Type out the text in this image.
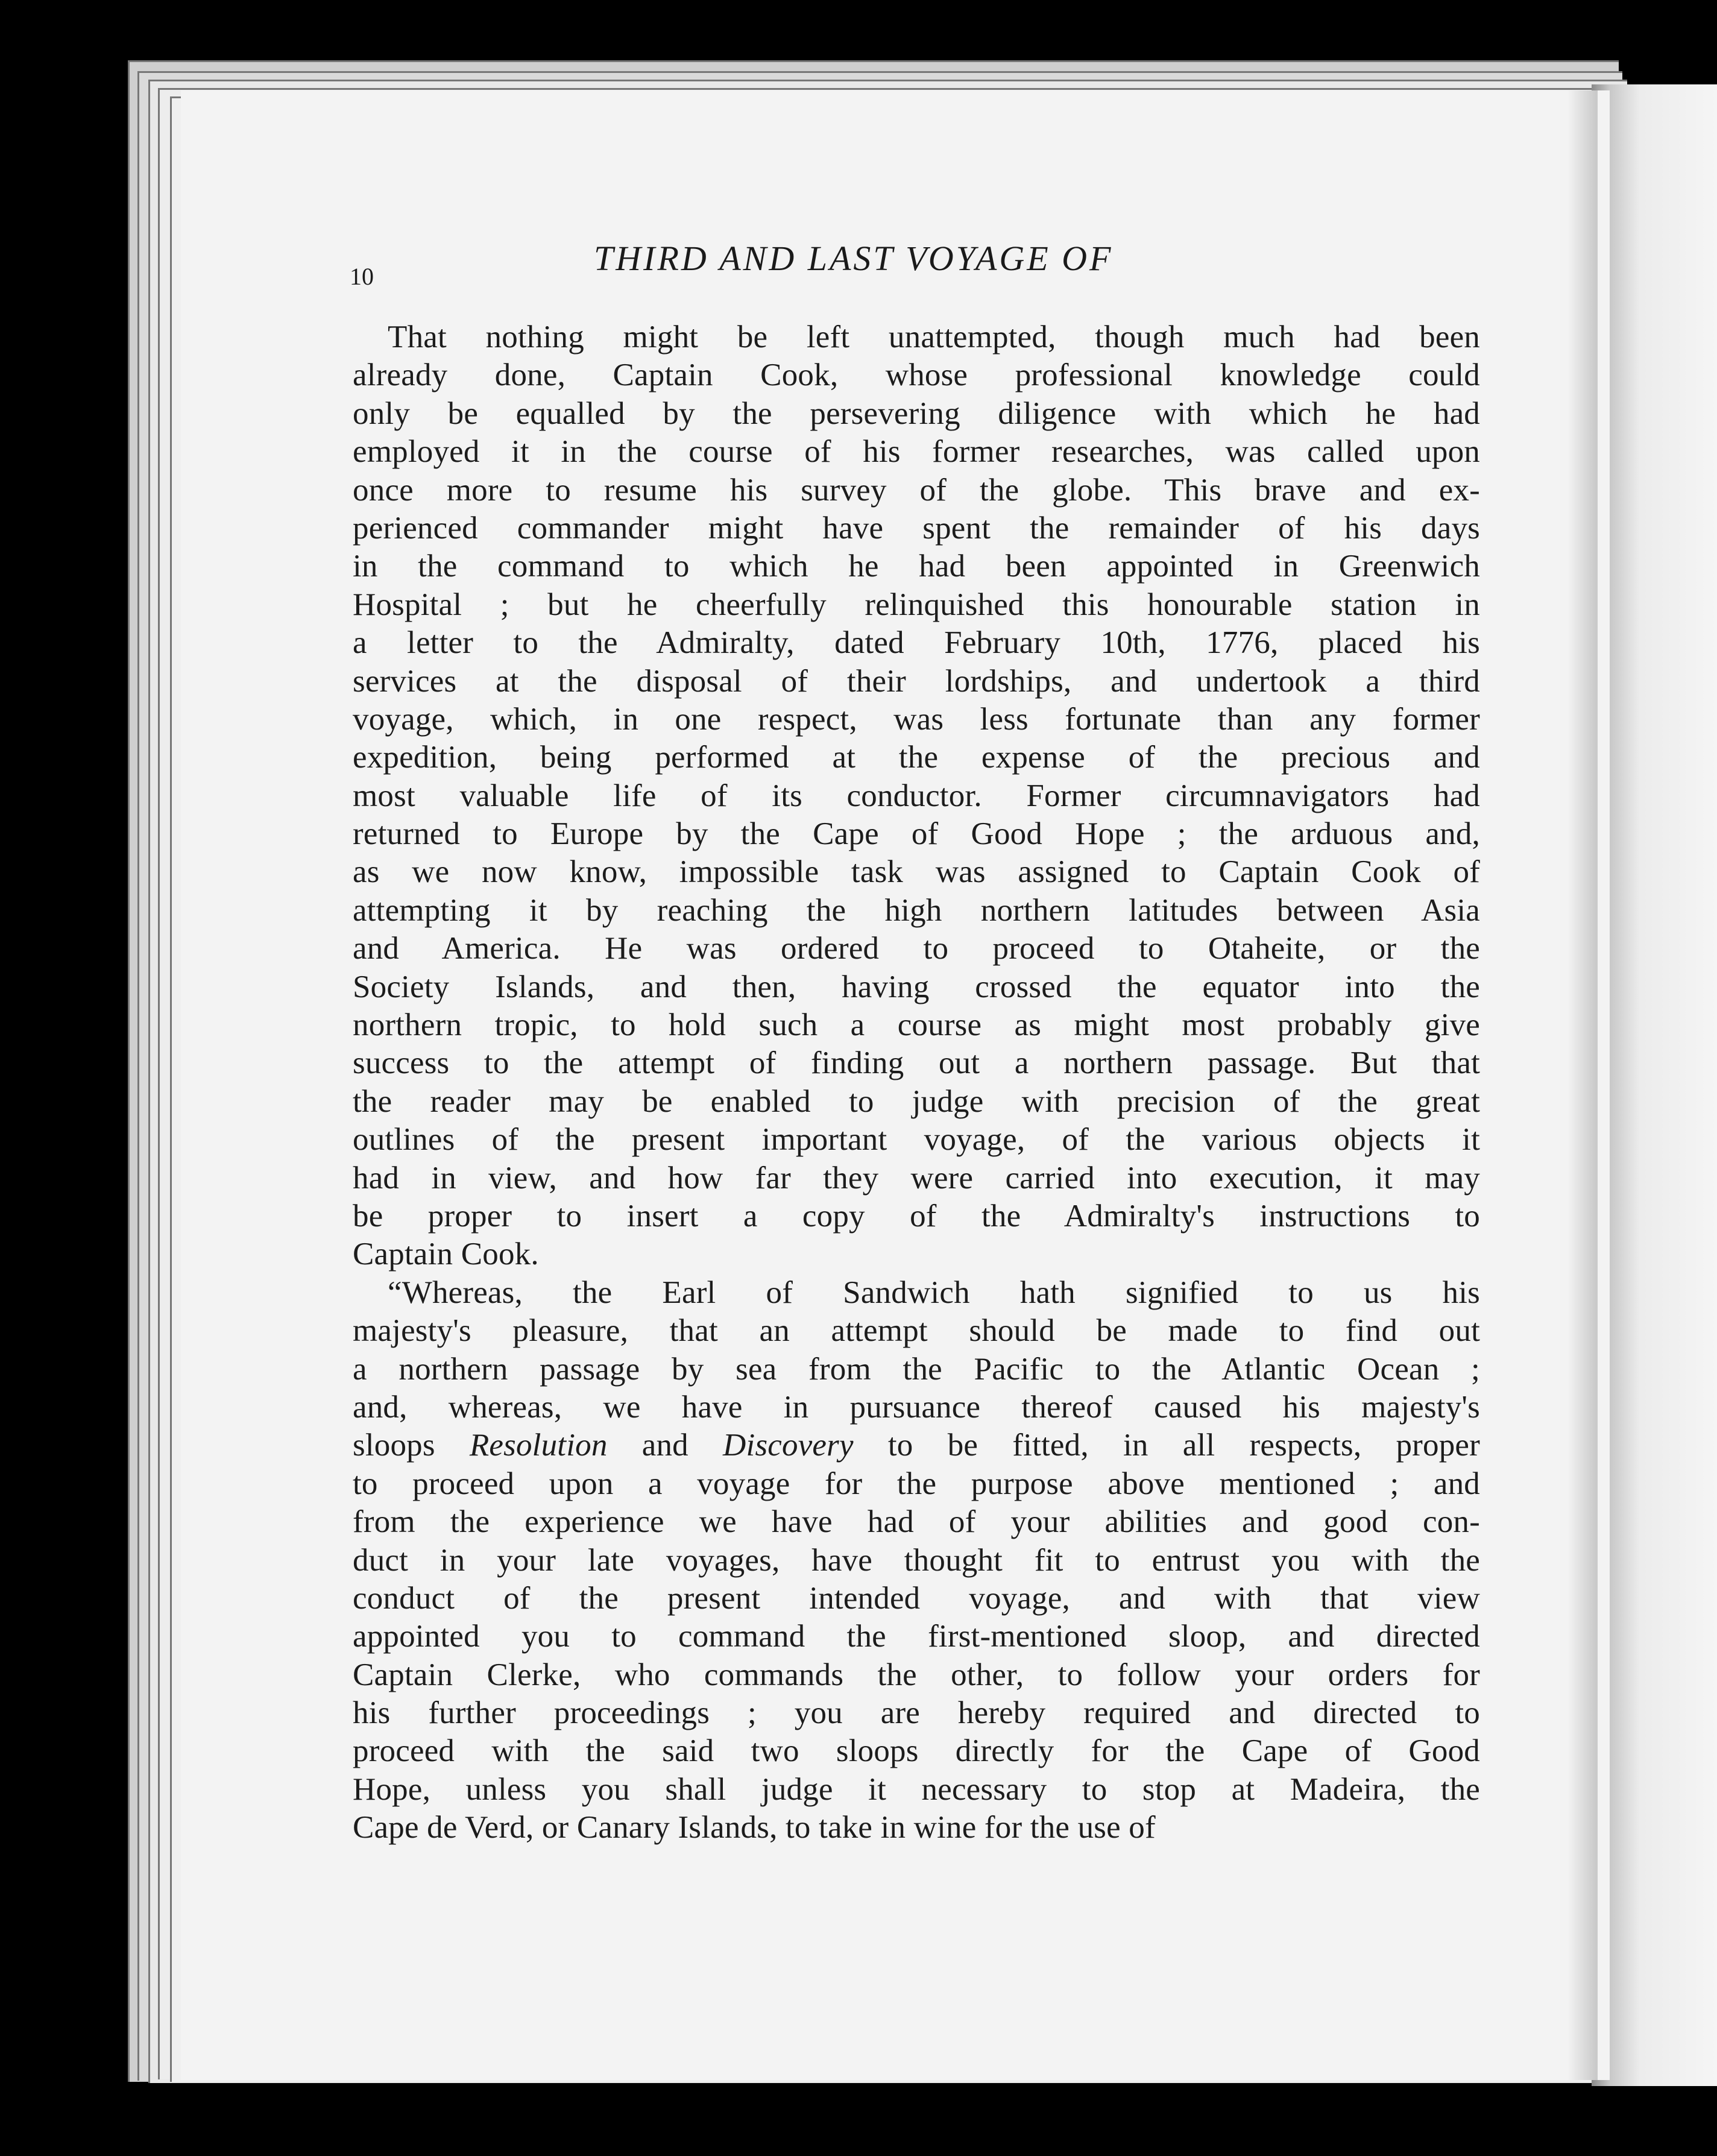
10	THIRD AND LAST VOYAGE OF
That nothing might be left unattempted, though much had been
already done, Captain Cook, whose professional knowledge could
only be equalled by the persevering diligence with which he had
employed it in the course of his former researches, was called upon
once more to resume his survey of the globe. This brave and ex-
perienced commander might have spent the remainder of his days
in the command to which he had been appointed in Greenwich
Hospital ; but he cheerfully relinquished this honourable station in
a letter to the Admiralty, dated February 10th, 1776, placed his
services at the disposal of their lordships, and undertook a third
voyage, which, in one respect, was less fortunate than any former
expedition, being performed at the expense of the precious and
most valuable life of its conductor. Former circumnavigators had
returned to Europe by the Cape of Good Hope ; the arduous and,
as we now know, impossible task was assigned to Captain Cook of
attempting it by reaching the high northern latitudes between Asia
and America. He was ordered to proceed to Otaheite, or the
Society Islands, and then, having crossed the equator into the
northern tropic, to hold such a course as might most probably give
success to the attempt of finding out a northern passage. But that
the reader may be enabled to judge with precision of the great
outlines of the present important voyage, of the various objects it
had in view, and how far they were carried into execution, it may
be proper to insert a copy of the Admiralty's instructions to
Captain Cook.
“Whereas, the Earl of Sandwich hath signified to us his
majesty's pleasure, that an attempt should be made to find out
a northern passage by sea from the Pacific to the Atlantic Ocean ;
and, whereas, we have in pursuance thereof caused his majesty's
sloops Resolution and Discovery to be fitted, in all respects, proper
to proceed upon a voyage for the purpose above mentioned ; and
from the experience we have had of your abilities and good con-
duct in your late voyages, have thought fit to entrust you with the
conduct of the present intended voyage, and with that view
appointed you to command the first-mentioned sloop, and directed
Captain Clerke, who commands the other, to follow your orders for
his further proceedings ; you are hereby required and directed to
proceed with the said two sloops directly for the Cape of Good
Hope, unless you shall judge it necessary to stop at Madeira, the
Cape de Verd, or Canary Islands, to take in wine for the use of
